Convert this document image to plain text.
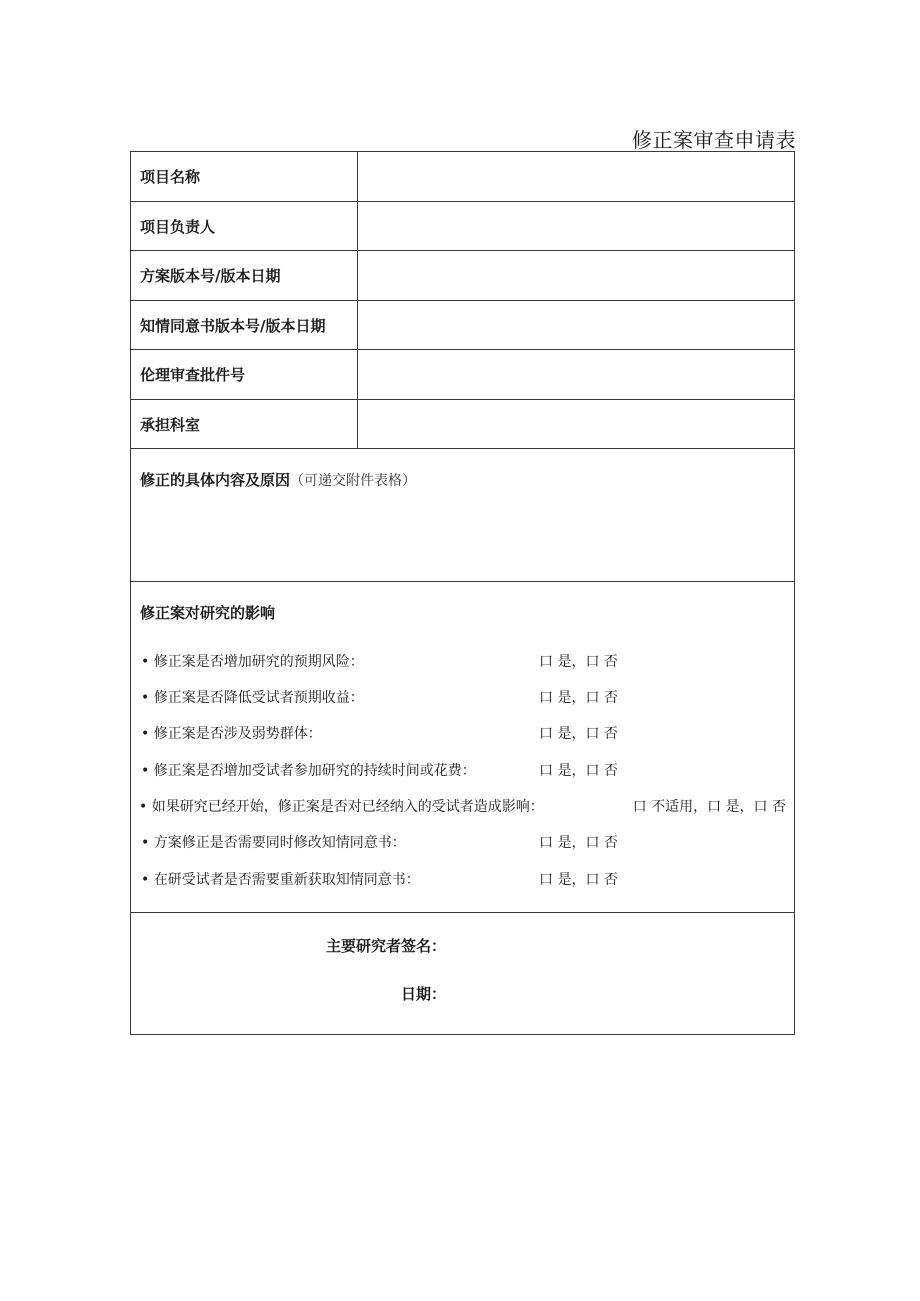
修正案审查申请表
项目名称
项目负责人
方案版本号/版本日期
知情同意书版本号/版本日期
伦理审查批件号
承担科室
修正的具体内容及原因（可递交附件表格）
修正案对研究的影响
• 修正案是否增加研究的预期风险：	口 是，口 否
• 修正案是否降低受试者预期收益：	口 是，口 否
• 修正案是否涉及弱势群体：	口 是，口 否
• 修正案是否增加受试者参加研究的持续时间或花费：	口 是，口 否
• 如果研究已经开始，修正案是否对已经纳入的受试者造成影响：	口 不适用，口 是，口 否
• 方案修正是否需要同时修改知情同意书：	口 是，口 否
• 在研受试者是否需要重新获取知情同意书：	口 是，口 否
主要研究者签名：
日期：
